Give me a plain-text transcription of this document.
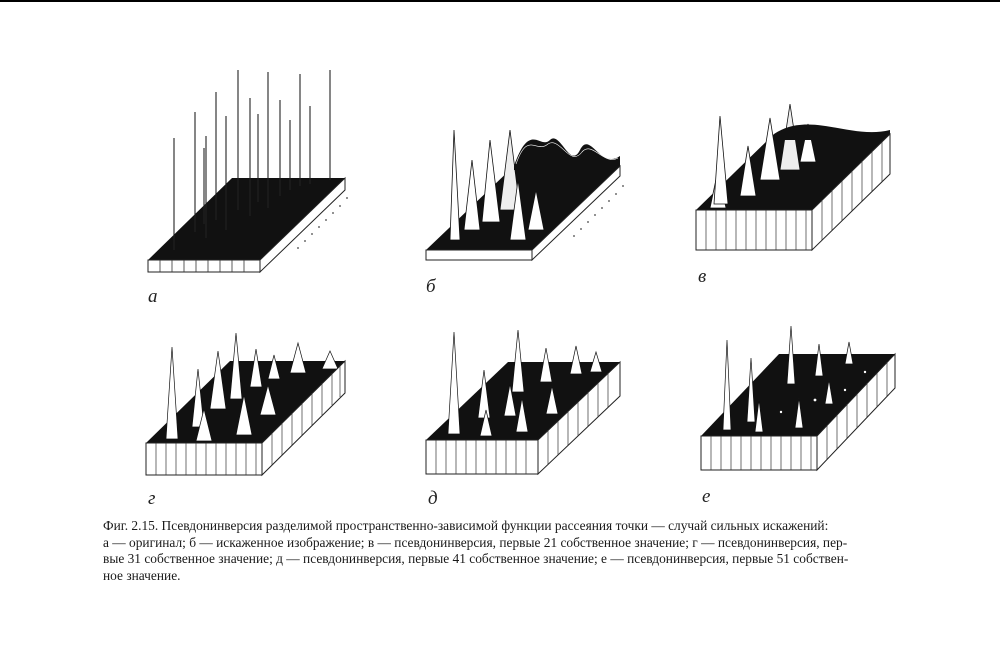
а	б	в
г	д	е
Фиг. 2.15. Псевдонинверсия разделимой пространственно-зависимой функции рассеяния точки — случай сильных искажений:
а — оригинал; б — искаженное изображение; в — псевдонинверсия, первые 21 собственное значение; г — псевдонинверсия, пер-
вые 31 собственное значение; д — псевдонинверсия, первые 41 собственное значение; е — псевдонинверсия, первые 51 собствен-
ное значение.
